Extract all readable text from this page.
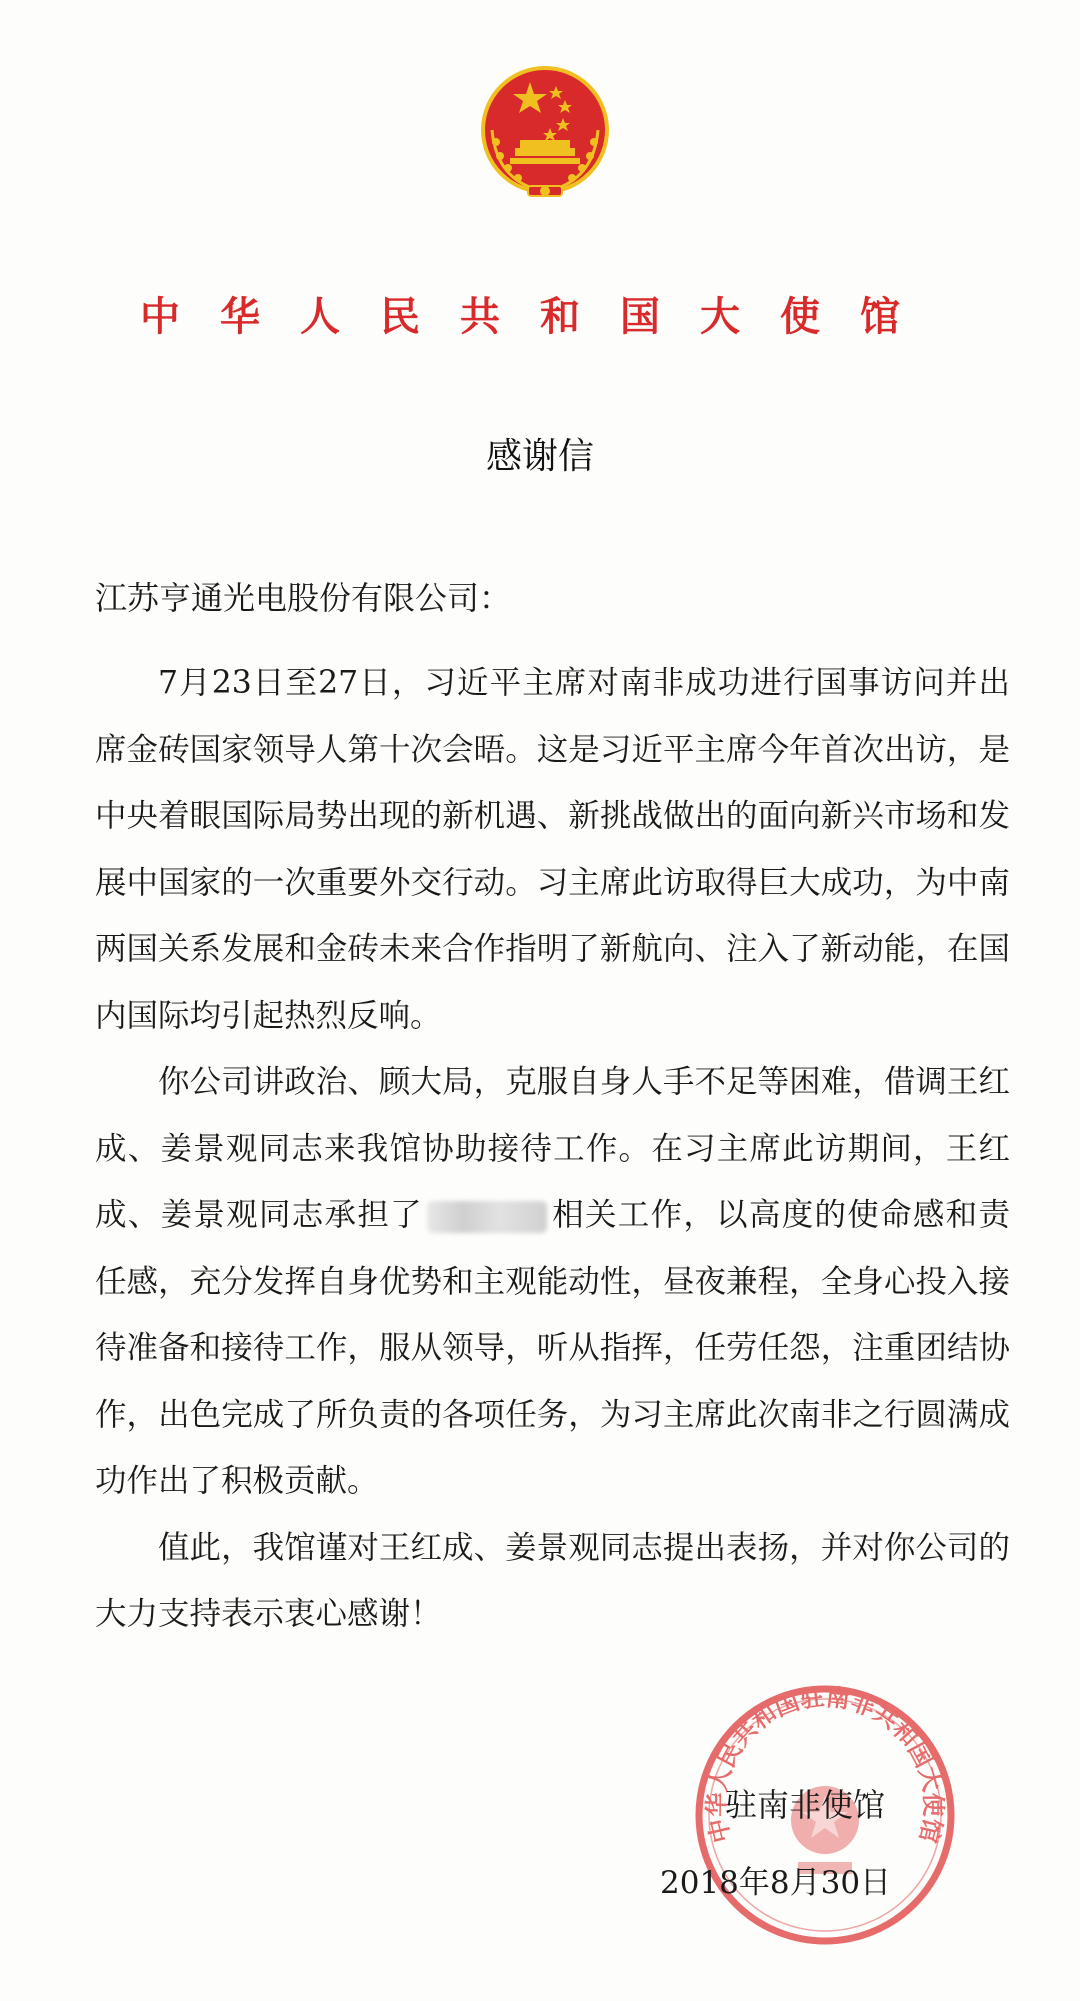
中华人民共和国大使馆
感谢信
江苏亨通光电股份有限公司：

7月23日至27日，习近平主席对南非成功进行国事访问并出席金砖国家领导人第十次会晤。这是习近平主席今年首次出访，是中央着眼国际局势出现的新机遇、新挑战做出的面向新兴市场和发展中国家的一次重要外交行动。习主席此访取得巨大成功，为中南两国关系发展和金砖未来合作指明了新航向、注入了新动能，在国内国际均引起热烈反响。

你公司讲政治、顾大局，克服自身人手不足等困难，借调王红成、姜景观同志来我馆协助接待工作。在习主席此访期间，王红成、姜景观同志承担了	相关工作，以高度的使命感和责任感，充分发挥自身优势和主观能动性，昼夜兼程，全身心投入接待准备和接待工作，服从领导，听从指挥，任劳任怨，注重团结协作，出色完成了所负责的各项任务，为习主席此次南非之行圆满成功作出了积极贡献。

值此，我馆谨对王红成、姜景观同志提出表扬，并对你公司的大力支持表示衷心感谢！

中华人民共和国驻南非共和国大使馆
驻南非使馆
2018年8月30日
